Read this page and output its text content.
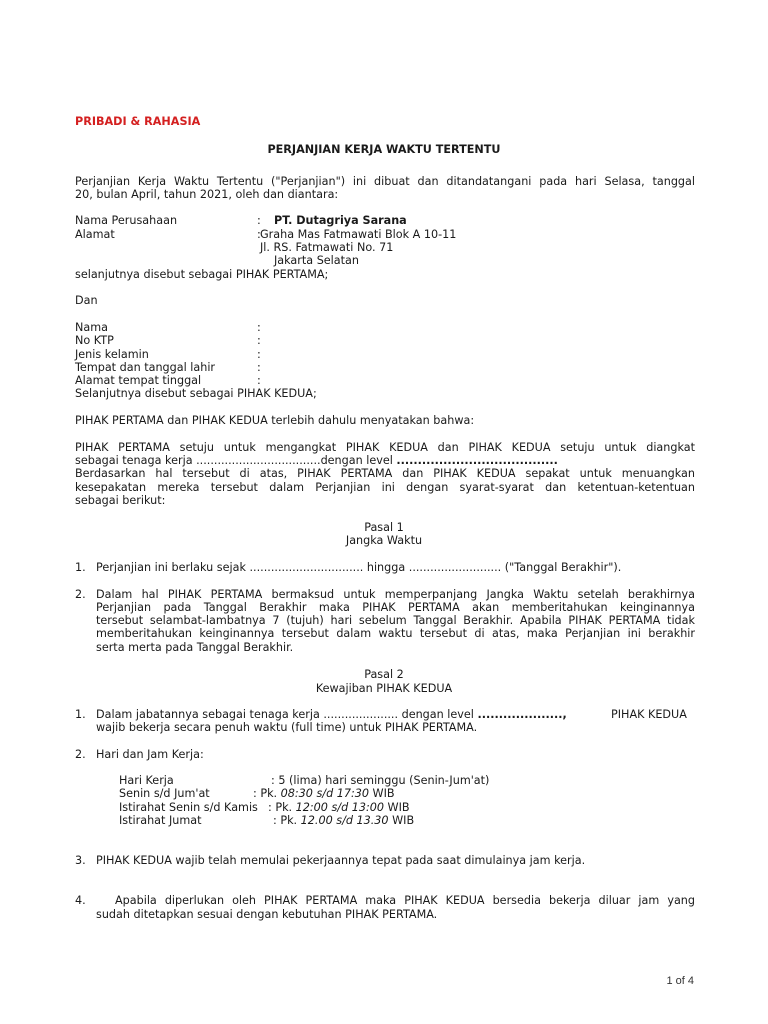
PRIBADI & RAHASIA
PERJANJIAN KERJA WAKTU TERTENTU
Perjanjian Kerja Waktu Tertentu ("Perjanjian") ini dibuat dan ditandatangani pada hari Selasa, tanggal
20, bulan April, tahun 2021, oleh dan diantara:
Nama Perusahaan	: PT. Dutagriya Sarana
Alamat	: Graha Mas Fatmawati Blok A 10-11
Jl. RS. Fatmawati No. 71
Jakarta Selatan
selanjutnya disebut sebagai PIHAK PERTAMA;
Dan
Nama	:
No KTP	:
Jenis kelamin	:
Tempat dan tanggal lahir	:
Alamat tempat tinggal	:
Selanjutnya disebut sebagai PIHAK KEDUA;
PIHAK PERTAMA dan PIHAK KEDUA terlebih dahulu menyatakan bahwa:
PIHAK PERTAMA setuju untuk mengangkat PIHAK KEDUA dan PIHAK KEDUA setuju untuk diangkat
sebagai tenaga kerja ...................................dengan level ......................................
Berdasarkan hal tersebut di atas, PIHAK PERTAMA dan PIHAK KEDUA sepakat untuk menuangkan
kesepakatan mereka tersebut dalam Perjanjian ini dengan syarat-syarat dan ketentuan-ketentuan
sebagai berikut:
Pasal 1
Jangka Waktu
1. Perjanjian ini berlaku sejak ................................ hingga .......................... ("Tanggal Berakhir").
2. Dalam hal PIHAK PERTAMA bermaksud untuk memperpanjang Jangka Waktu setelah berakhirnya
Perjanjian pada Tanggal Berakhir maka PIHAK PERTAMA akan memberitahukan keinginannya
tersebut selambat-lambatnya 7 (tujuh) hari sebelum Tanggal Berakhir. Apabila PIHAK PERTAMA tidak
memberitahukan keinginannya tersebut dalam waktu tersebut di atas, maka Perjanjian ini berakhir
serta merta pada Tanggal Berakhir.
Pasal 2
Kewajiban PIHAK KEDUA
1. Dalam jabatannya sebagai tenaga kerja ..................... dengan level ....................,	PIHAK KEDUA
wajib bekerja secara penuh waktu (full time) untuk PIHAK PERTAMA.
2. Hari dan Jam Kerja:
Hari Kerja	: 5 (lima) hari seminggu (Senin-Jum'at)
Senin s/d Jum'at	: Pk. 08:30 s/d 17:30 WIB
Istirahat Senin s/d Kamis : Pk. 12:00 s/d 13:00 WIB
Istirahat Jumat	: Pk. 12.00 s/d 13.30 WIB
3. PIHAK KEDUA wajib telah memulai pekerjaannya tepat pada saat dimulainya jam kerja.
4.	Apabila diperlukan oleh PIHAK PERTAMA maka PIHAK KEDUA bersedia bekerja diluar jam yang
sudah ditetapkan sesuai dengan kebutuhan PIHAK PERTAMA.
1 of 4
